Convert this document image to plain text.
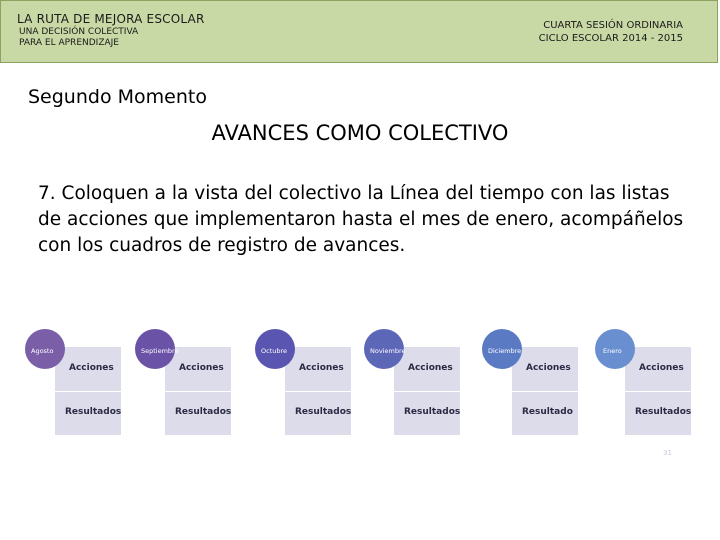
LA RUTA DE MEJORA ESCOLAR
UNA DECISIÓN COLECTIVA
PARA EL APRENDIZAJE
CUARTA SESIÓN ORDINARIA
CICLO ESCOLAR 2014 - 2015
Segundo Momento
AVANCES COMO COLECTIVO
7. Coloquen a la vista del colectivo la Línea del tiempo con las listas de acciones que implementaron hasta el mes de enero, acompáñelos con los cuadros de registro de avances.
Acciones
Resultados
Agosto
Acciones
Resultados
Septiembre
Acciones
Resultados
Octubre
Acciones
Resultados
Noviembre
Acciones
Resultado
Diciembre
Acciones
Resultados
Enero
31
